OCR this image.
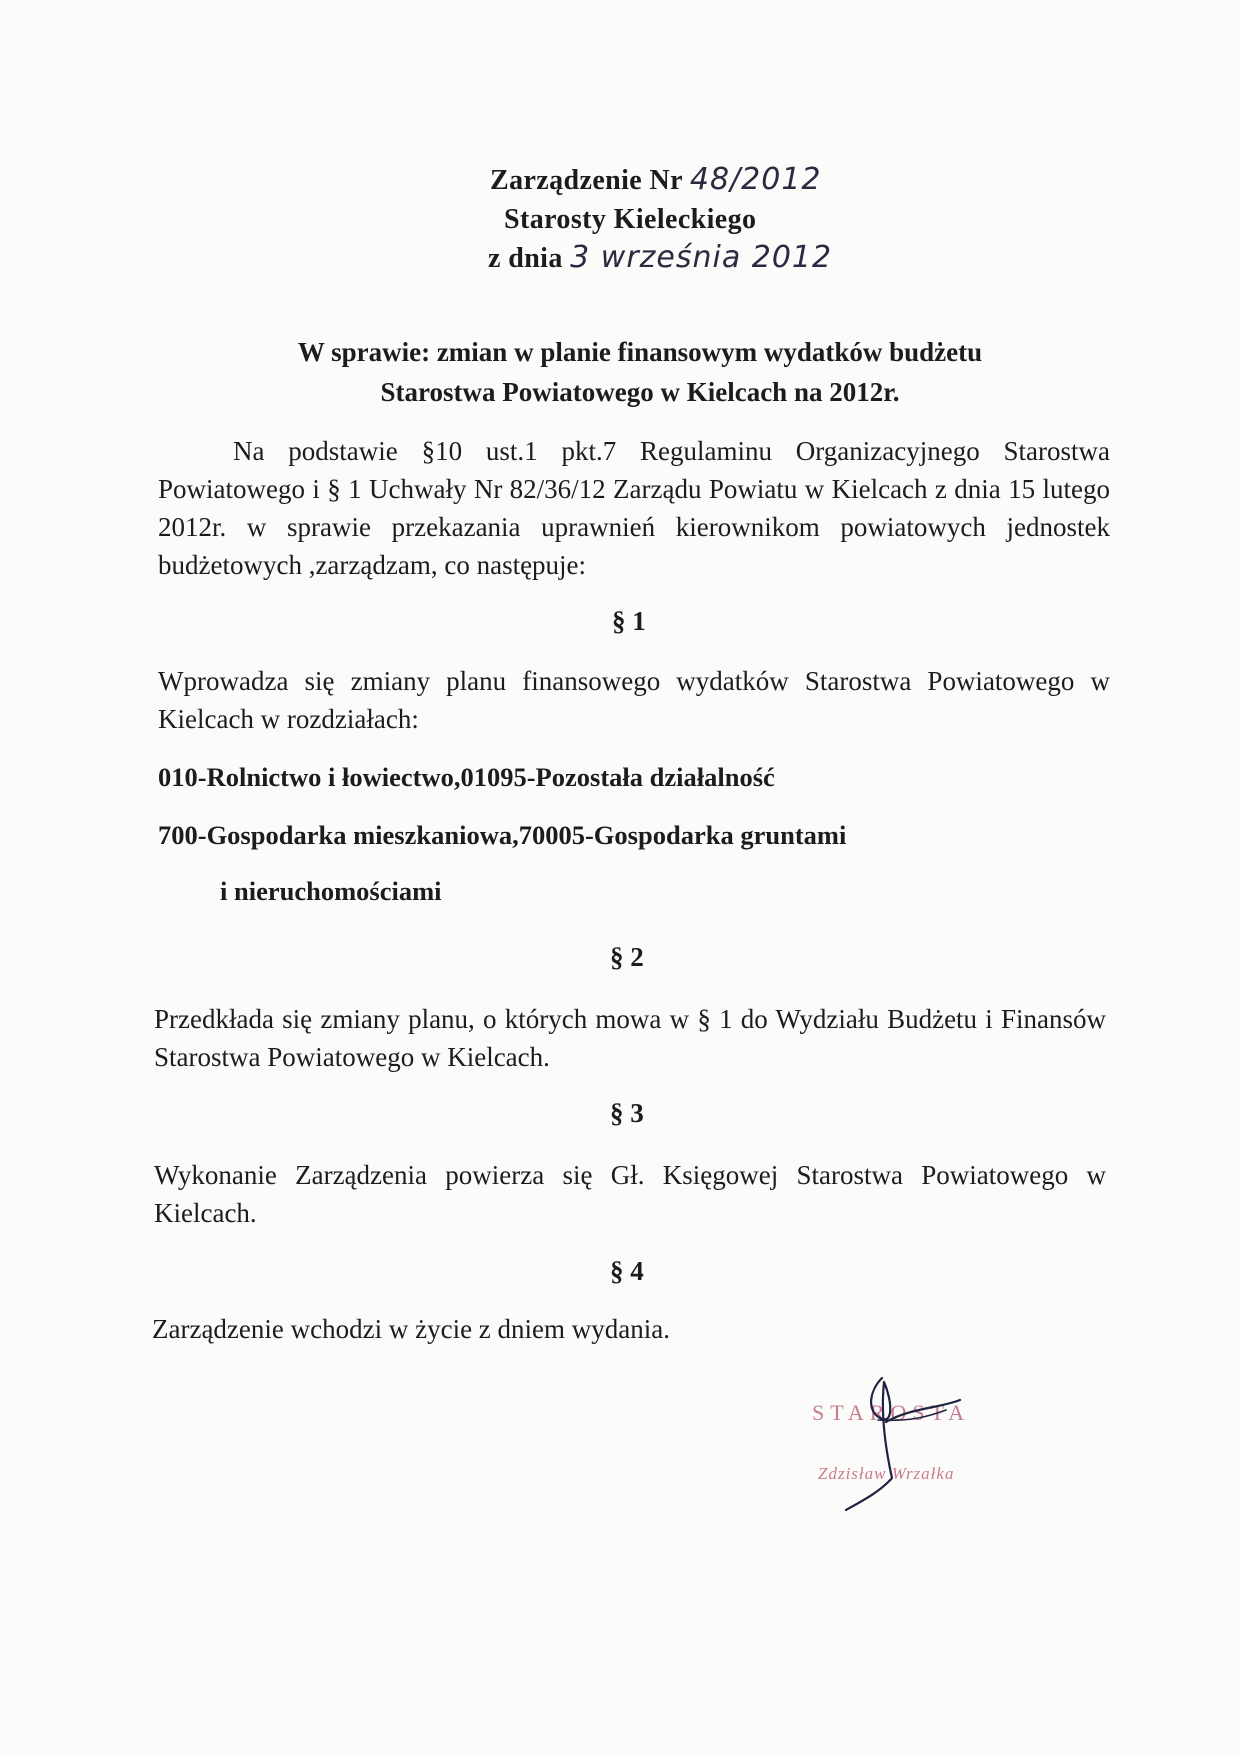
Zarządzenie Nr 48/2012
Starosty Kieleckiego
z dnia 3 września 2012
W sprawie: zmian w planie finansowym wydatków budżetu
Starostwa Powiatowego w Kielcach na 2012r.
Na podstawie §10 ust.1 pkt.7 Regulaminu Organizacyjnego Starostwa Powiatowego i § 1 Uchwały Nr 82/36/12 Zarządu Powiatu w Kielcach z dnia 15 lutego 2012r. w sprawie przekazania uprawnień kierownikom powiatowych jednostek budżetowych ,zarządzam, co następuje:
§ 1
Wprowadza się zmiany planu finansowego wydatków Starostwa Powiatowego w Kielcach w rozdziałach:
010-Rolnictwo i łowiectwo,01095-Pozostała działalność
700-Gospodarka mieszkaniowa,70005-Gospodarka gruntami
i nieruchomościami
§ 2
Przedkłada się zmiany planu, o których mowa w § 1 do Wydziału Budżetu i Finansów Starostwa Powiatowego w Kielcach.
§ 3
Wykonanie Zarządzenia powierza się Gł. Księgowej Starostwa Powiatowego w Kielcach.
§ 4
Zarządzenie wchodzi w życie z dniem wydania.
STAROSTA
Zdzisław Wrzałka
